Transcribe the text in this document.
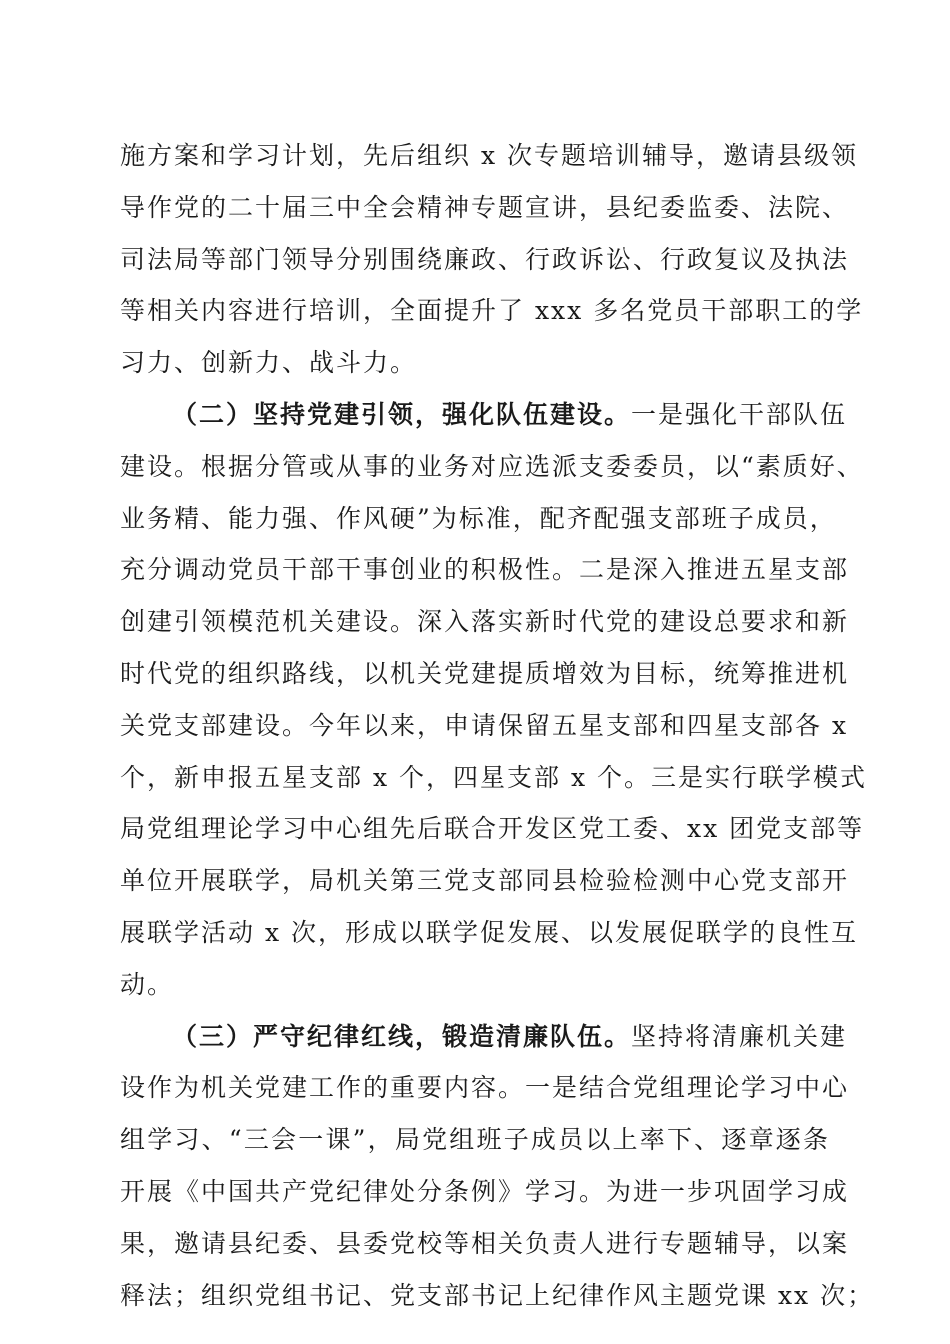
施方案和学习计划，先后组织 x 次专题培训辅导，邀请县级领
导作党的二十届三中全会精神专题宣讲，县纪委监委、法院、
司法局等部门领导分别围绕廉政、行政诉讼、行政复议及执法
等相关内容进行培训，全面提升了 xxx 多名党员干部职工的学
习力、创新力、战斗力。
（二）坚持党建引领，强化队伍建设。一是强化干部队伍
建设。根据分管或从事的业务对应选派支委委员，以“素质好、
业务精、能力强、作风硬”为标准，配齐配强支部班子成员，
充分调动党员干部干事创业的积极性。二是深入推进五星支部
创建引领模范机关建设。深入落实新时代党的建设总要求和新
时代党的组织路线，以机关党建提质增效为目标，统筹推进机
关党支部建设。今年以来，申请保留五星支部和四星支部各 x
个，新申报五星支部 x 个，四星支部 x 个。三是实行联学模式
局党组理论学习中心组先后联合开发区党工委、xx 团党支部等
单位开展联学，局机关第三党支部同县检验检测中心党支部开
展联学活动 x 次，形成以联学促发展、以发展促联学的良性互
动。
（三）严守纪律红线，锻造清廉队伍。坚持将清廉机关建
设作为机关党建工作的重要内容。一是结合党组理论学习中心
组学习、“三会一课”，局党组班子成员以上率下、逐章逐条
开展《中国共产党纪律处分条例》学习。为进一步巩固学习成
果，邀请县纪委、县委党校等相关负责人进行专题辅导，以案
释法；组织党组书记、党支部书记上纪律作风主题党课 xx 次；
